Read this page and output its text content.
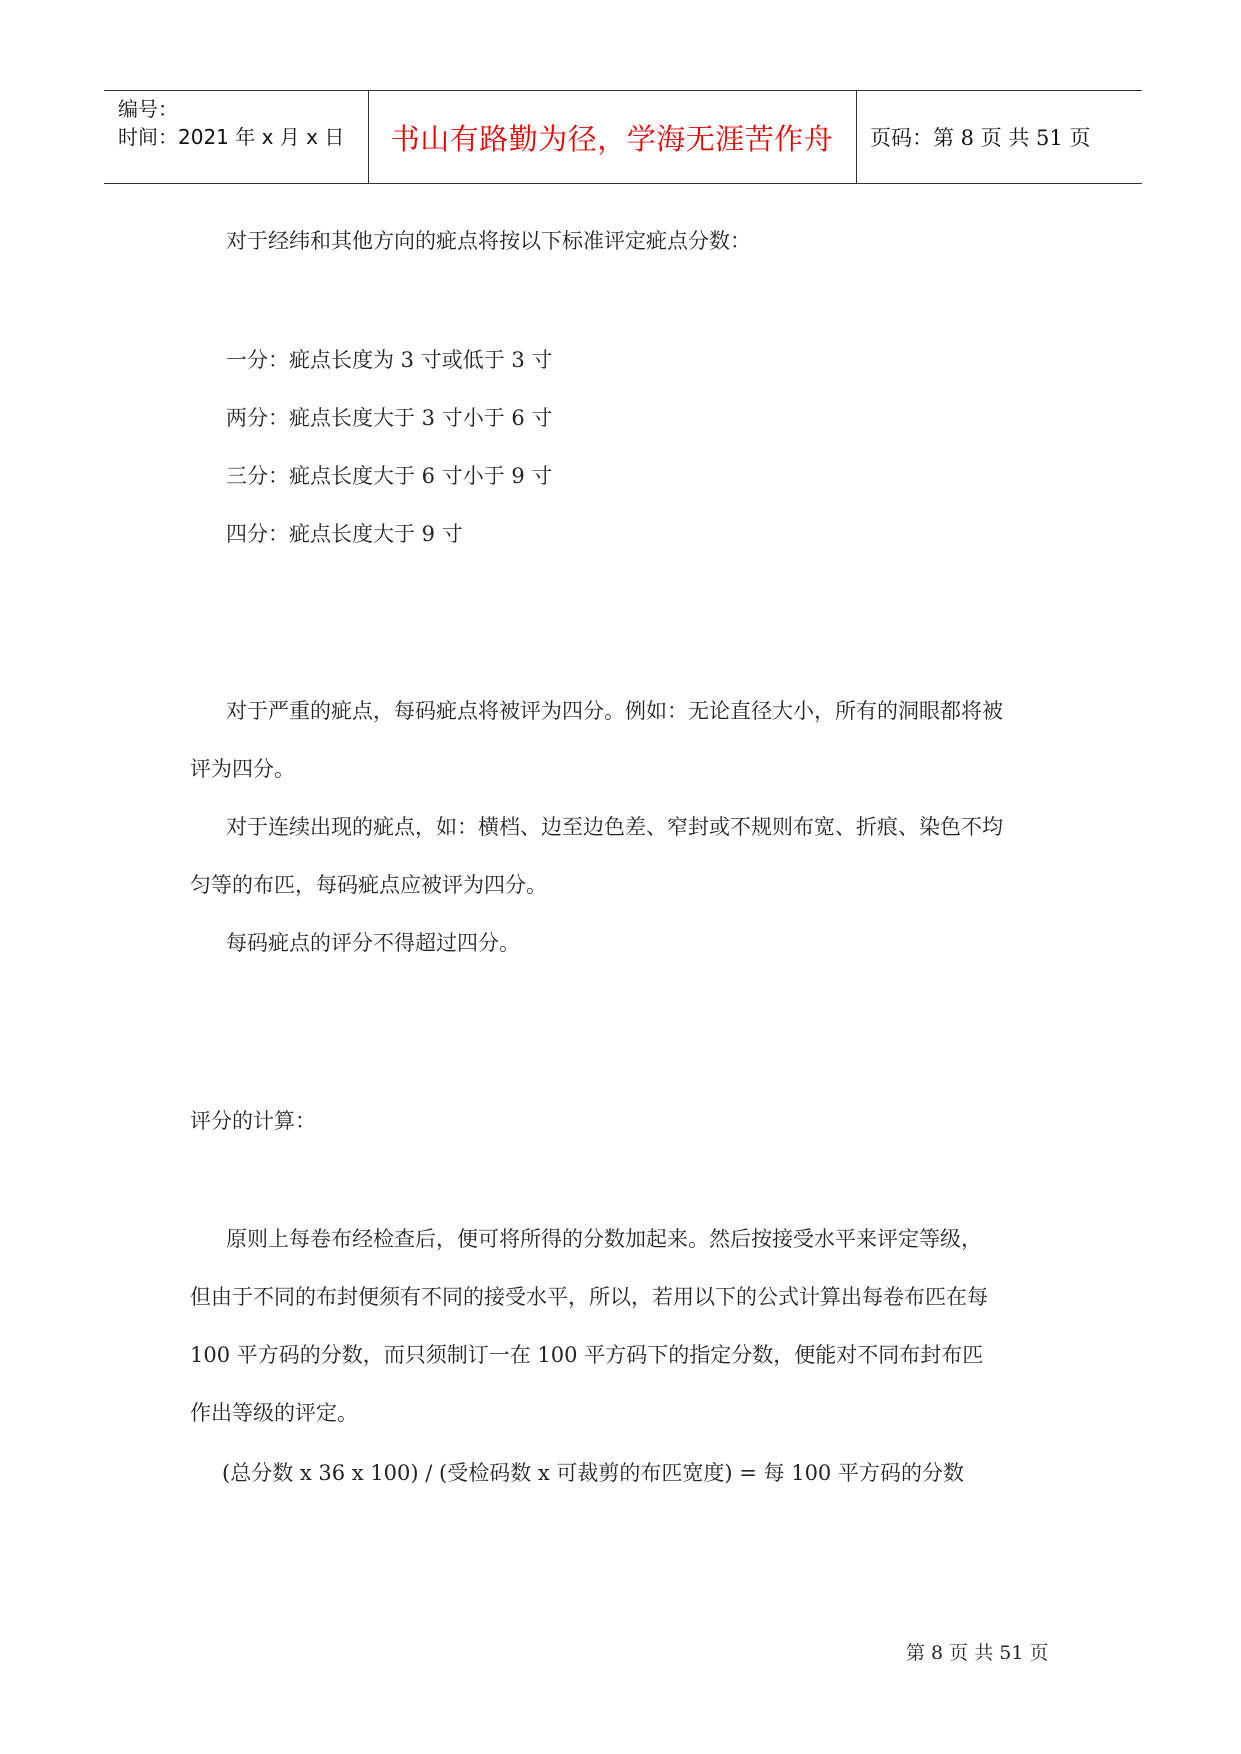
编号：
时间：2021 年 x 月 x 日	书山有路勤为径，学海无涯苦作舟	页码：第 8 页 共 51 页
对于经纬和其他方向的疵点将按以下标准评定疵点分数：
一分：疵点长度为 3 寸或低于 3 寸
两分：疵点长度大于 3 寸小于 6 寸
三分：疵点长度大于 6 寸小于 9 寸
四分：疵点长度大于 9 寸
对于严重的疵点，每码疵点将被评为四分。例如：无论直径大小，所有的洞眼都将被
评为四分。
对于连续出现的疵点，如：横档、边至边色差、窄封或不规则布宽、折痕、染色不均
匀等的布匹，每码疵点应被评为四分。
每码疵点的评分不得超过四分。
评分的计算：
原则上每卷布经检查后，便可将所得的分数加起来。然后按接受水平来评定等级，
但由于不同的布封便须有不同的接受水平，所以，若用以下的公式计算出每卷布匹在每
100 平方码的分数，而只须制订一在 100 平方码下的指定分数，便能对不同布封布匹
作出等级的评定。
(总分数 x 36 x 100) / (受检码数 x 可裁剪的布匹宽度) = 每 100 平方码的分数
第 8 页 共 51 页
